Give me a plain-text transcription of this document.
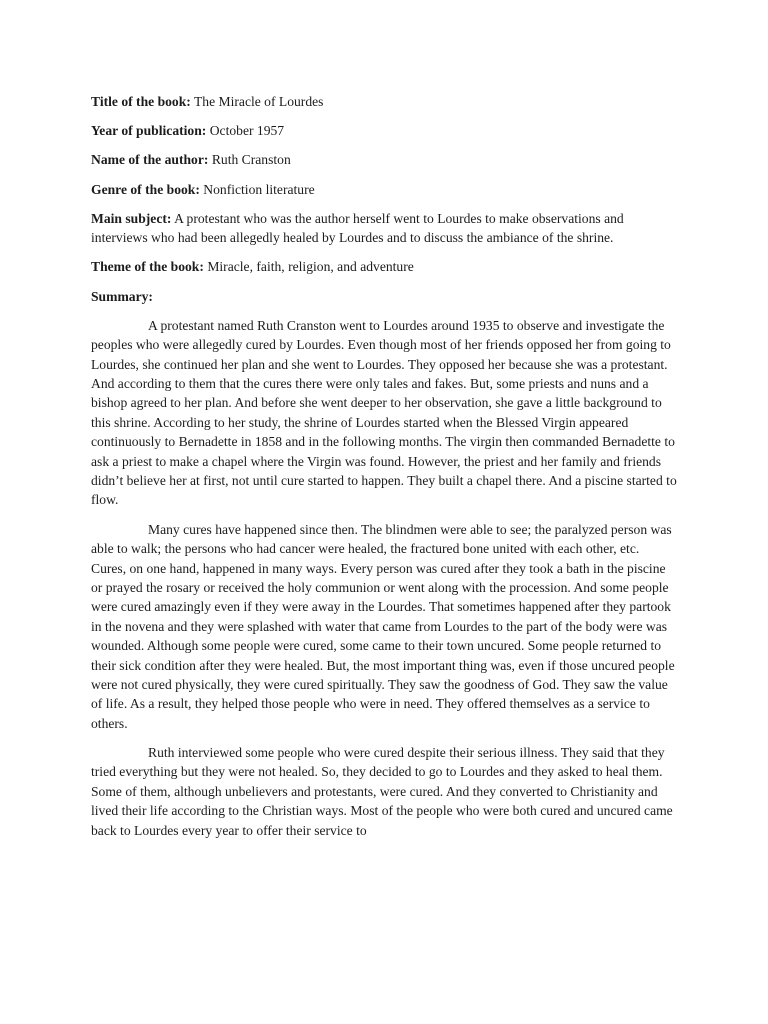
Title of the book: The Miracle of Lourdes
Year of publication: October 1957
Name of the author: Ruth Cranston
Genre of the book: Nonfiction literature
Main subject: A protestant who was the author herself went to Lourdes to make observations and interviews who had been allegedly healed by Lourdes and to discuss the ambiance of the shrine.
Theme of the book: Miracle, faith, religion, and adventure
Summary:

A protestant named Ruth Cranston went to Lourdes around 1935 to observe and investigate the peoples who were allegedly cured by Lourdes. Even though most of her friends opposed her from going to Lourdes, she continued her plan and she went to Lourdes. They opposed her because she was a protestant. And according to them that the cures there were only tales and fakes. But, some priests and nuns and a bishop agreed to her plan. And before she went deeper to her observation, she gave a little background to this shrine. According to her study, the shrine of Lourdes started when the Blessed Virgin appeared continuously to Bernadette in 1858 and in the following months. The virgin then commanded Bernadette to ask a priest to make a chapel where the Virgin was found. However, the priest and her family and friends didn’t believe her at first, not until cure started to happen. They built a chapel there. And a piscine started to flow.

Many cures have happened since then. The blindmen were able to see; the paralyzed person was able to walk; the persons who had cancer were healed, the fractured bone united with each other, etc. Cures, on one hand, happened in many ways. Every person was cured after they took a bath in the piscine or prayed the rosary or received the holy communion or went along with the procession. And some people were cured amazingly even if they were away in the Lourdes. That sometimes happened after they partook in the novena and they were splashed with water that came from Lourdes to the part of the body were was wounded. Although some people were cured, some came to their town uncured. Some people returned to their sick condition after they were healed. But, the most important thing was, even if those uncured people were not cured physically, they were cured spiritually. They saw the goodness of God. They saw the value of life. As a result, they helped those people who were in need. They offered themselves as a service to others.

Ruth interviewed some people who were cured despite their serious illness. They said that they tried everything but they were not healed. So, they decided to go to Lourdes and they asked to heal them. Some of them, although unbelievers and protestants, were cured. And they converted to Christianity and lived their life according to the Christian ways. Most of the people who were both cured and uncured came back to Lourdes every year to offer their service to
